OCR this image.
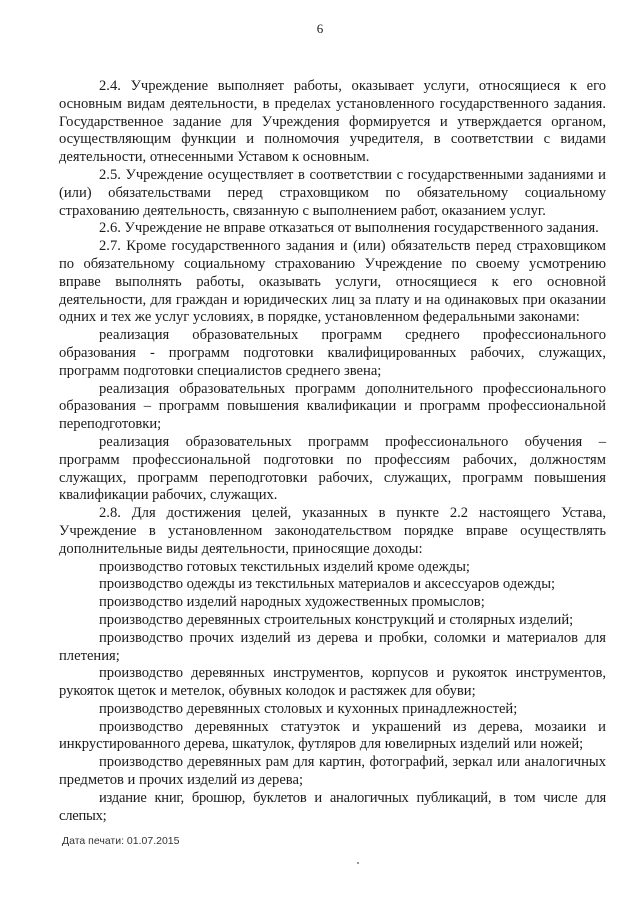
6

2.4. Учреждение выполняет работы, оказывает услуги, относящиеся к его основным видам деятельности, в пределах установленного государственного задания. Государственное задание для Учреждения формируется и утверждается органом, осуществляющим функции и полномочия учредителя, в соответствии с видами деятельности, отнесенными Уставом к основным.

2.5. Учреждение осуществляет в соответствии с государственными заданиями и (или) обязательствами перед страховщиком по обязательному социальному страхованию деятельность, связанную с выполнением работ, оказанием услуг.

2.6. Учреждение не вправе отказаться от выполнения государственного задания.

2.7. Кроме государственного задания и (или) обязательств перед страховщиком по обязательному социальному страхованию Учреждение по своему усмотрению вправе выполнять работы, оказывать услуги, относящиеся к его основной деятельности, для граждан и юридических лиц за плату и на одинаковых при оказании одних и тех же услуг условиях, в порядке, установленном федеральными законами:

реализация образовательных программ среднего профессионального образования - программ подготовки квалифицированных рабочих, служащих, программ подготовки специалистов среднего звена;

реализация образовательных программ дополнительного профессионального образования – программ повышения квалификации и программ профессиональной переподготовки;

реализация образовательных программ профессионального обучения – программ профессиональной подготовки по профессиям рабочих, должностям служащих, программ переподготовки рабочих, служащих, программ повышения квалификации рабочих, служащих.

2.8. Для достижения целей, указанных в пункте 2.2 настоящего Устава, Учреждение в установленном законодательством порядке вправе осуществлять дополнительные виды деятельности, приносящие доходы:

производство готовых текстильных изделий кроме одежды;

производство одежды из текстильных материалов и аксессуаров одежды;

производство изделий народных художественных промыслов;

производство деревянных строительных конструкций и столярных изделий;

производство прочих изделий из дерева и пробки, соломки и материалов для плетения;

производство деревянных инструментов, корпусов и рукояток инструментов, рукояток щеток и метелок, обувных колодок и растяжек для обуви;

производство деревянных столовых и кухонных принадлежностей;

производство деревянных статуэток и украшений из дерева, мозаики и инкрустированного дерева, шкатулок, футляров для ювелирных изделий или ножей;

производство деревянных рам для картин, фотографий, зеркал или аналогичных предметов и прочих изделий из дерева;

издание книг, брошюр, буклетов и аналогичных публикаций, в том числе для слепых;

Дата печати: 01.07.2015
